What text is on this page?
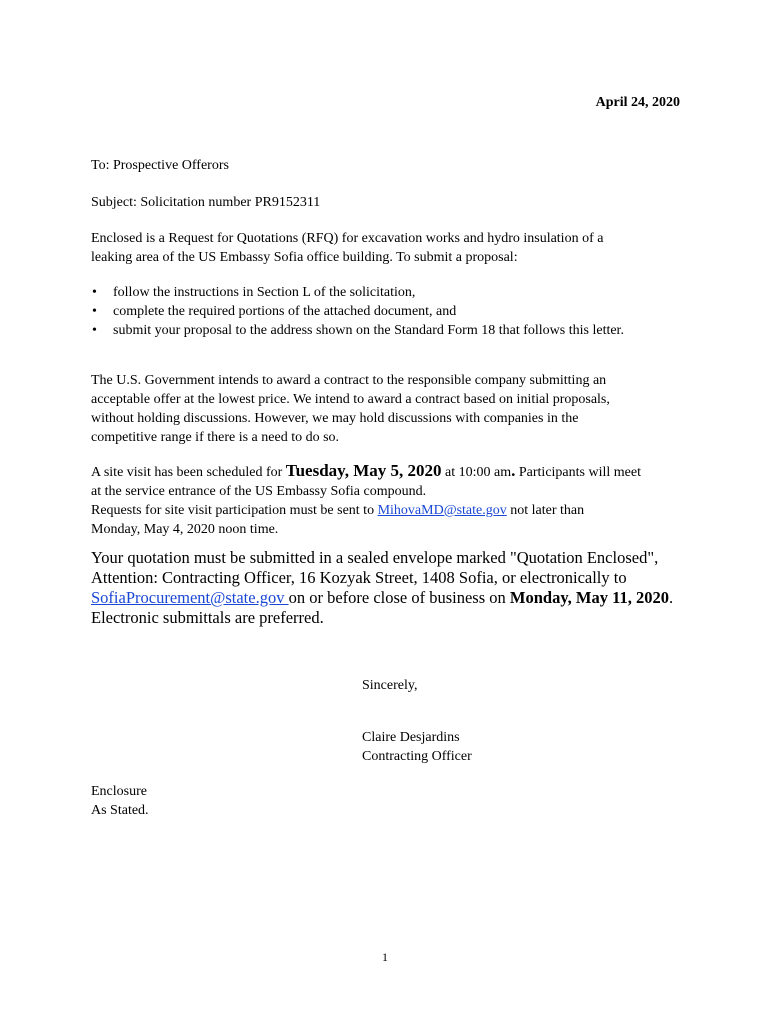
April 24, 2020
To: Prospective Offerors
Subject: Solicitation number PR9152311
Enclosed is a Request for Quotations (RFQ) for excavation works and hydro insulation of a
leaking area of the US Embassy Sofia office building. To submit a proposal:
• follow the instructions in Section L of the solicitation,
• complete the required portions of the attached document, and
• submit your proposal to the address shown on the Standard Form 18 that follows this letter.
The U.S. Government intends to award a contract to the responsible company submitting an
acceptable offer at the lowest price. We intend to award a contract based on initial proposals,
without holding discussions. However, we may hold discussions with companies in the
competitive range if there is a need to do so.
A site visit has been scheduled for Tuesday, May 5, 2020 at 10:00 am. Participants will meet
at the service entrance of the US Embassy Sofia compound.
Requests for site visit participation must be sent to MihovaMD@state.gov not later than
Monday, May 4, 2020 noon time.
Your quotation must be submitted in a sealed envelope marked "Quotation Enclosed",
Attention: Contracting Officer, 16 Kozyak Street, 1408 Sofia, or electronically to
SofiaProcurement@state.gov on or before close of business on Monday, May 11, 2020.
Electronic submittals are preferred.
Sincerely,
Claire Desjardins
Contracting Officer
Enclosure
As Stated.
1
